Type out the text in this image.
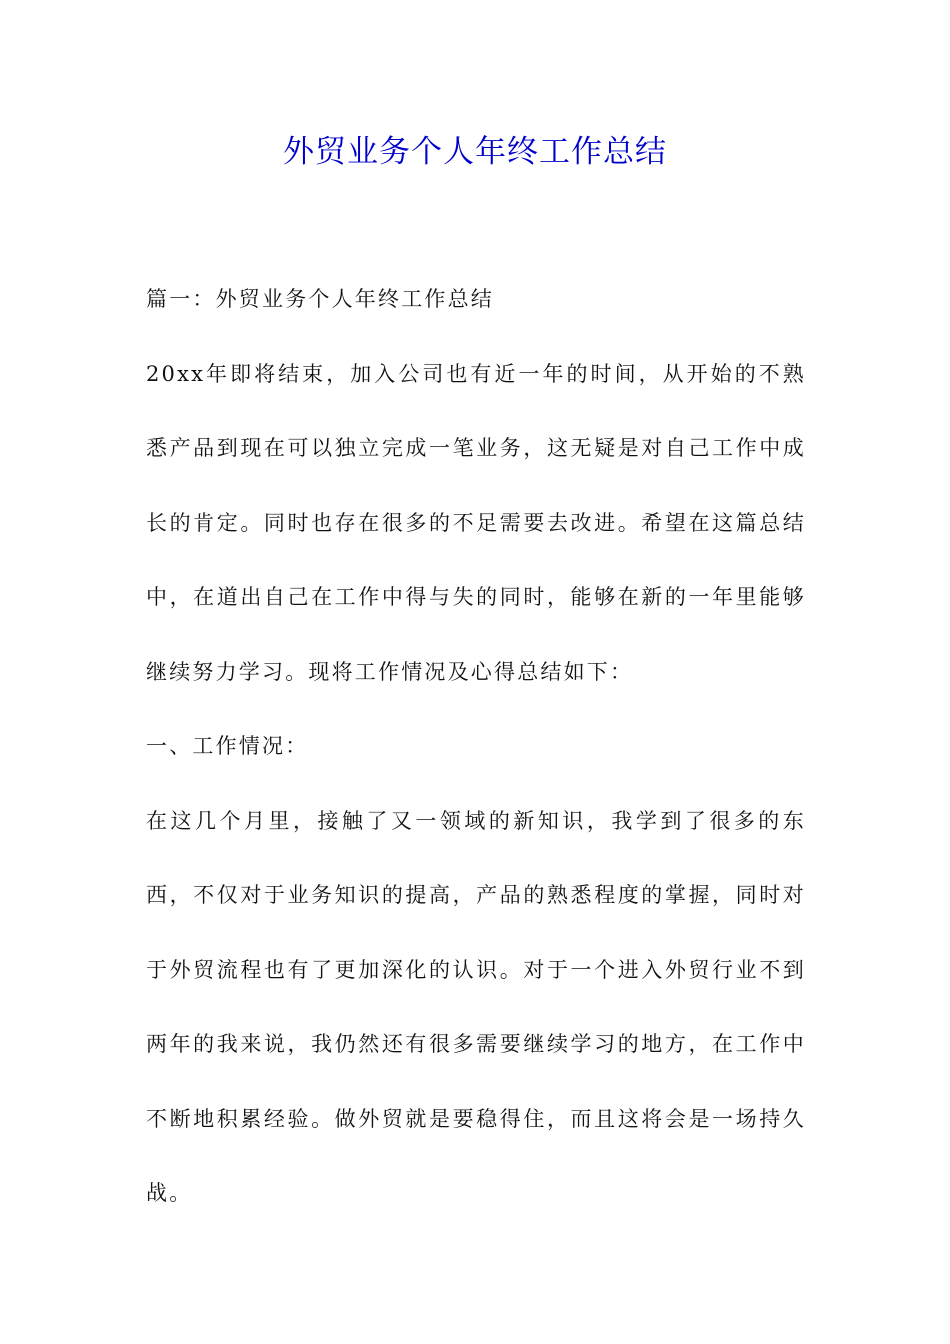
外贸业务个人年终工作总结

篇一：外贸业务个人年终工作总结

20xx年即将结束，加入公司也有近一年的时间，从开始的不熟悉产品到现在可以独立完成一笔业务，这无疑是对自己工作中成长的肯定。同时也存在很多的不足需要去改进。希望在这篇总结中，在道出自己在工作中得与失的同时，能够在新的一年里能够继续努力学习。现将工作情况及心得总结如下：

一、工作情况：

在这几个月里，接触了又一领域的新知识，我学到了很多的东西，不仅对于业务知识的提高，产品的熟悉程度的掌握，同时对于外贸流程也有了更加深化的认识。对于一个进入外贸行业不到两年的我来说，我仍然还有很多需要继续学习的地方，在工作中不断地积累经验。做外贸就是要稳得住，而且这将会是一场持久战。
